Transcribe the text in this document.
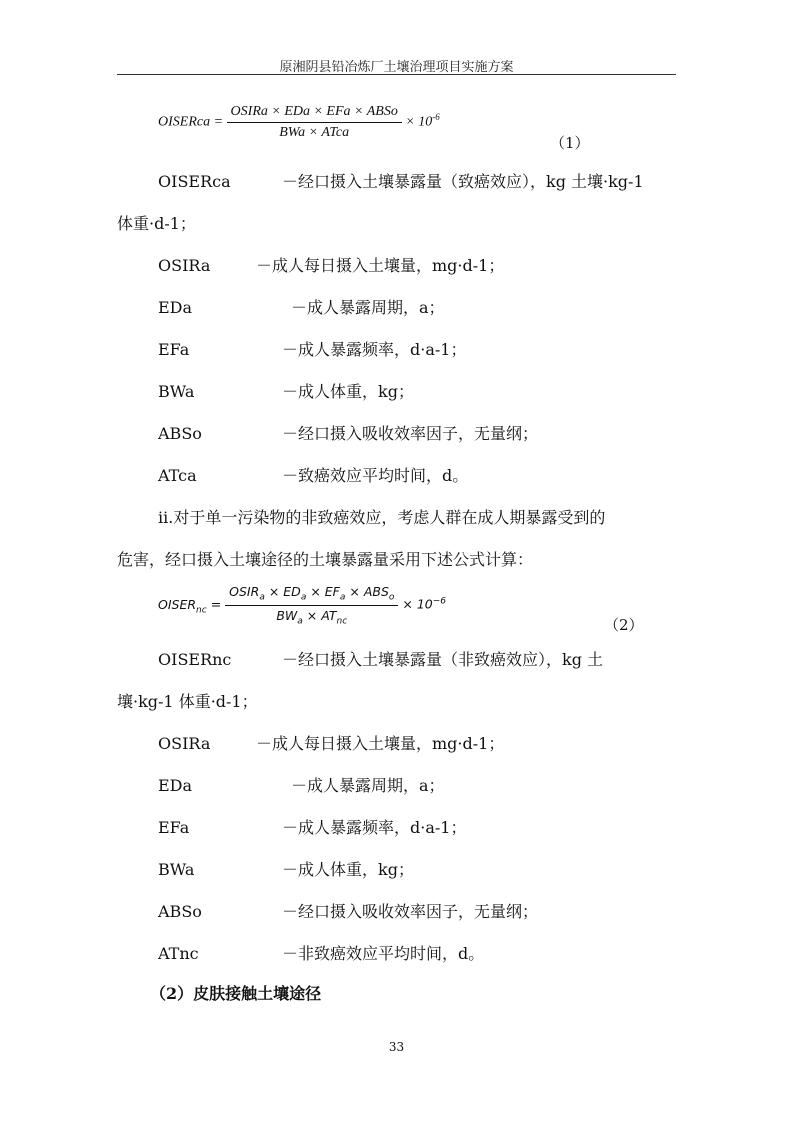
原湘阴县铅冶炼厂土壤治理项目实施方案
OISERca = $\frac{\text{OSIRa × EDa × EFa × ABSo}}{\text{BWa × ATca}} \times 10^{-6}$
（1）
OISERca	－经口摄入土壤暴露量（致癌效应），kg 土壤·kg-1
体重·d-1；
OSIRa	－成人每日摄入土壤量，mg·d-1；
EDa	－成人暴露周期，a；
EFa	－成人暴露频率，d·a-1；
BWa	－成人体重，kg；
ABSo	－经口摄入吸收效率因子，无量纲；
ATca	－致癌效应平均时间，d。
ii.对于单一污染物的非致癌效应，考虑人群在成人期暴露受到的
危害，经口摄入土壤途径的土壤暴露量采用下述公式计算：
$OISER_{nc} = \frac{OSIR_a \times ED_a \times EF_a \times ABS_o}{BW_a \times AT_{nc}} \times 10^{-6}$
（2）
OISERnc	－经口摄入土壤暴露量（非致癌效应），kg 土
壤·kg-1 体重·d-1；
OSIRa	－成人每日摄入土壤量，mg·d-1；
EDa	－成人暴露周期，a；
EFa	－成人暴露频率，d·a-1；
BWa	－成人体重，kg；
ABSo	－经口摄入吸收效率因子，无量纲；
ATnc	－非致癌效应平均时间，d。
（2）皮肤接触土壤途径
33
